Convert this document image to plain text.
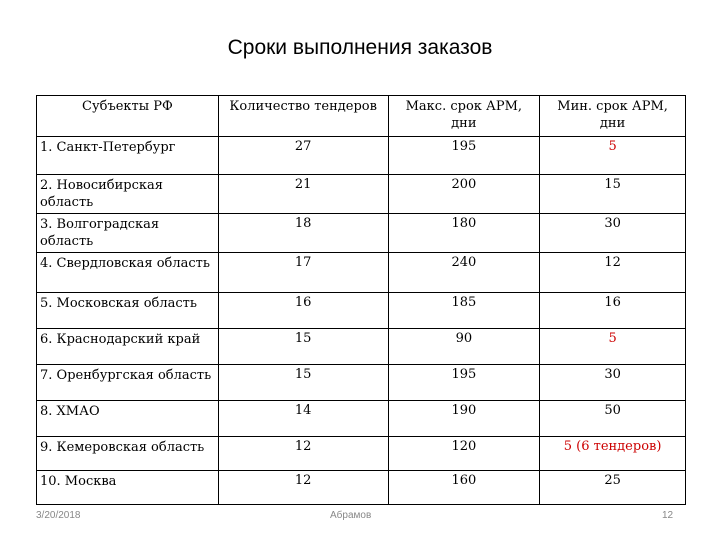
Сроки выполнения заказов
Субъекты РФ	Количество тендеров	Макс. срок АРМ, дни	Мин. срок АРМ, дни
1. Санкт-Петербург	27	195	5
2. Новосибирская область	21	200	15
3. Волгоградская область	18	180	30
4. Свердловская область	17	240	12
5. Московская область	16	185	16
6. Краснодарский край	15	90	5
7. Оренбургская область	15	195	30
8. ХМАО	14	190	50
9. Кемеровская область	12	120	5 (6 тендеров)
10. Москва	12	160	25
3/20/2018	Абрамов	12
